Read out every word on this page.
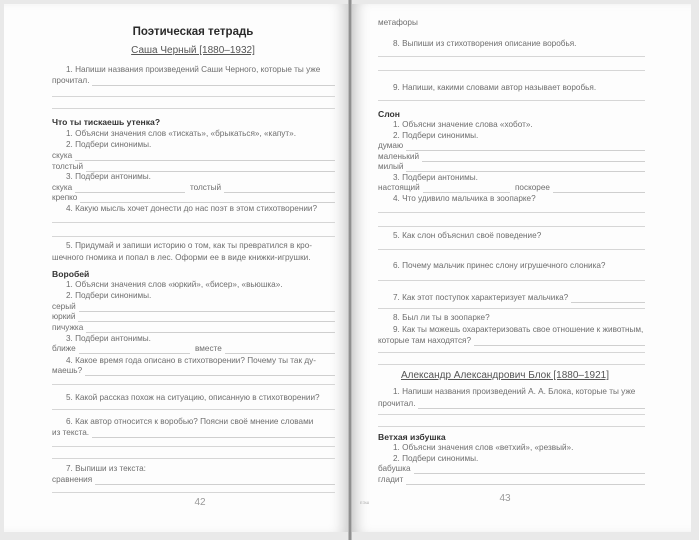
Поэтическая тетрадь
Саша Черный [1880–1932]
42
Александр Александрович Блок [1880–1921]
43
ЕЭШ
1. Напиши названия произведений Саши Черного, которые ты уже
прочитал.
Что ты тискаешь утенка?
1. Объясни значения слов «тискать», «брыкаться», «капут».
2. Подбери синонимы.
скука
толстый
3. Подбери антонимы.
скука	толстый
крепко
4. Какую мысль хочет донести до нас поэт в этом стихотворении?
5. Придумай и запиши историю о том, как ты превратился в кро-
шечного гномика и попал в лес. Оформи ее в виде книжки-игрушки.
Воробей
1. Объясни значения слов «юркий», «бисер», «вьюшка».
2. Подбери синонимы.
серый
юркий
пичужка
3. Подбери антонимы.
ближе	вместе
4. Какое время года описано в стихотворении? Почему ты так ду-
маешь?
5. Какой рассказ похож на ситуацию, описанную в стихотворении?
6. Как автор относится к воробью? Поясни своё мнение словами
из текста.
7. Выпиши из текста:
сравнения
метафоры
8. Выпиши из стихотворения описание воробья.
9. Напиши, какими словами автор называет воробья.
Слон
1. Объясни значение слова «хобот».
2. Подбери синонимы.
думаю
маленький
милый
3. Подбери антонимы.
настоящий	поскорее
4. Что удивило мальчика в зоопарке?
5. Как слон объяснил своё поведение?
6. Почему мальчик принес слону игрушечного слоника?
7. Как этот поступок характеризует мальчика?
8. Был ли ты в зоопарке?
9. Как ты можешь охарактеризовать свое отношение к животным,
которые там находятся?
1. Напиши названия произведений А. А. Блока, которые ты уже
прочитал.
Ветхая избушка
1. Объясни значения слов «ветхий», «резвый».
2. Подбери синонимы.
бабушка
гладит
